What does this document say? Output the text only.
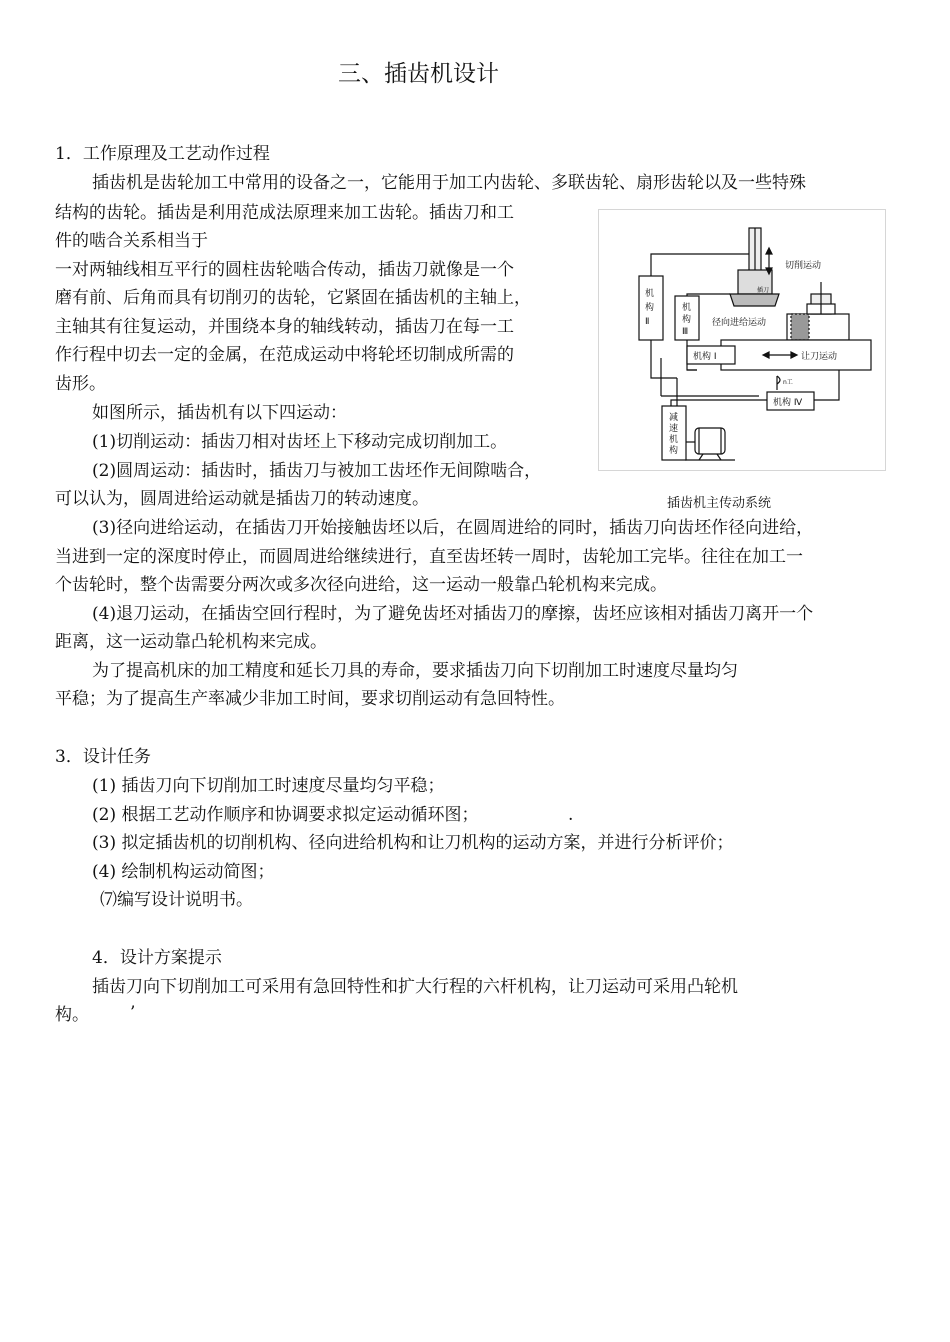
三、插齿机设计
1．工作原理及工艺动作过程
插齿机是齿轮加工中常用的设备之一，它能用于加工内齿轮、多联齿轮、扇形齿轮以及一些特殊
结构的齿轮。插齿是利用范成法原理来加工齿轮。插齿刀和工
件的啮合关系相当于
一对两轴线相互平行的圆柱齿轮啮合传动，插齿刀就像是一个
磨有前、后角而具有切削刃的齿轮，它紧固在插齿机的主轴上，
主轴其有往复运动，并围绕本身的轴线转动，插齿刀在每一工
作行程中切去一定的金属，在范成运动中将轮坯切制成所需的
齿形。
如图所示，插齿机有以下四运动：
(1)切削运动：插齿刀相对齿坯上下移动完成切削加工。
(2)圆周运动：插齿时，插齿刀与被加工齿坯作无间隙啮合，
可以认为，圆周进给运动就是插齿刀的转动速度。
切削运动
径向进给运动
让刀运动
机构 I
机
构
Ⅱ
机
构
Ⅲ
机构 Ⅳ
减
速
机
构
插刀
n工
插齿机主传动系统
(3)径向进给运动，在插齿刀开始接触齿坯以后，在圆周进给的同时，插齿刀向齿坯作径向进给，
当进到一定的深度时停止，而圆周进给继续进行，直至齿坯转一周时，齿轮加工完毕。往往在加工一
个齿轮时，整个齿需要分两次或多次径向进给，这一运动一般靠凸轮机构来完成。
(4)退刀运动，在插齿空回行程时，为了避免齿坯对插齿刀的摩擦，齿坯应该相对插齿刀离开一个
距离，这一运动靠凸轮机构来完成。
为了提高机床的加工精度和延长刀具的寿命，要求插齿刀向下切削加工时速度尽量均匀
平稳；为了提高生产率减少非加工时间，要求切削运动有急回特性。
3．设计任务
(1) 插齿刀向下切削加工时速度尽量均匀平稳；
(2) 根据工艺动作顺序和协调要求拟定运动循环图；	.
(3) 拟定插齿机的切削机构、径向进给机构和让刀机构的运动方案，并进行分析评价；
(4) 绘制机构运动简图；
⑺编写设计说明书。
4．设计方案提示
插齿刀向下切削加工可采用有急回特性和扩大行程的六杆机构，让刀运动可采用凸轮机
构。 ’
